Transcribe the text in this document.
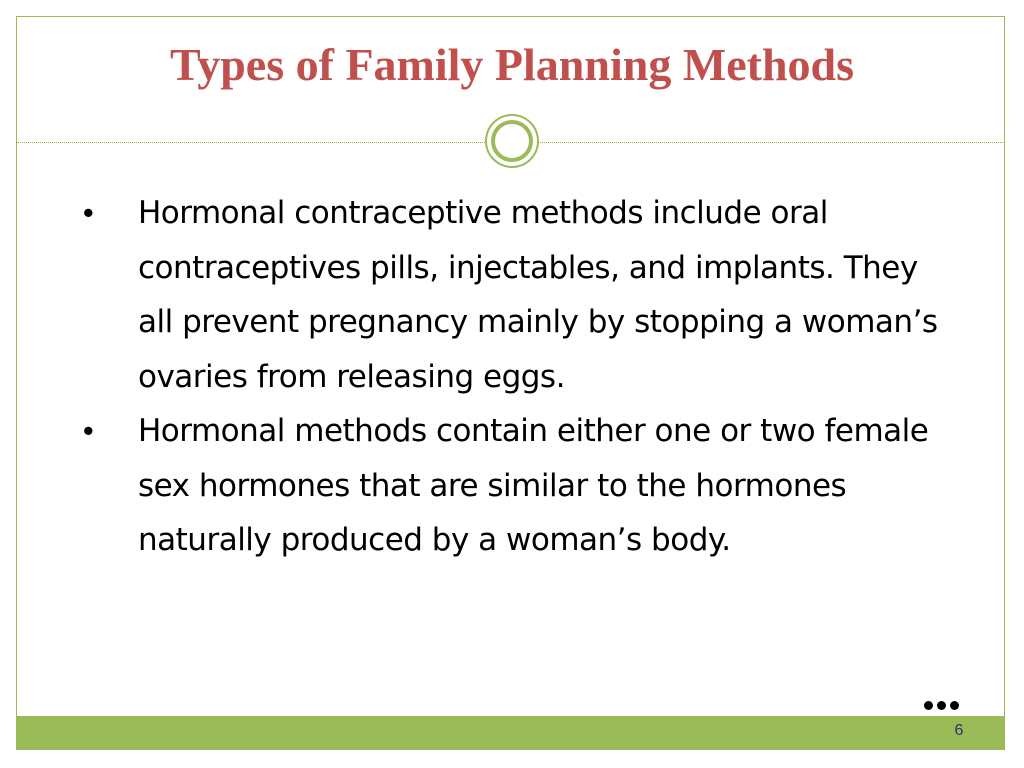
Types of Family Planning Methods
• Hormonal contraceptive methods include oral contraceptives pills, injectables, and implants. They all prevent pregnancy mainly by stopping a woman’s ovaries from releasing eggs.
• Hormonal methods contain either one or two female sex hormones that are similar to the hormones naturally produced by a woman’s body.
6
